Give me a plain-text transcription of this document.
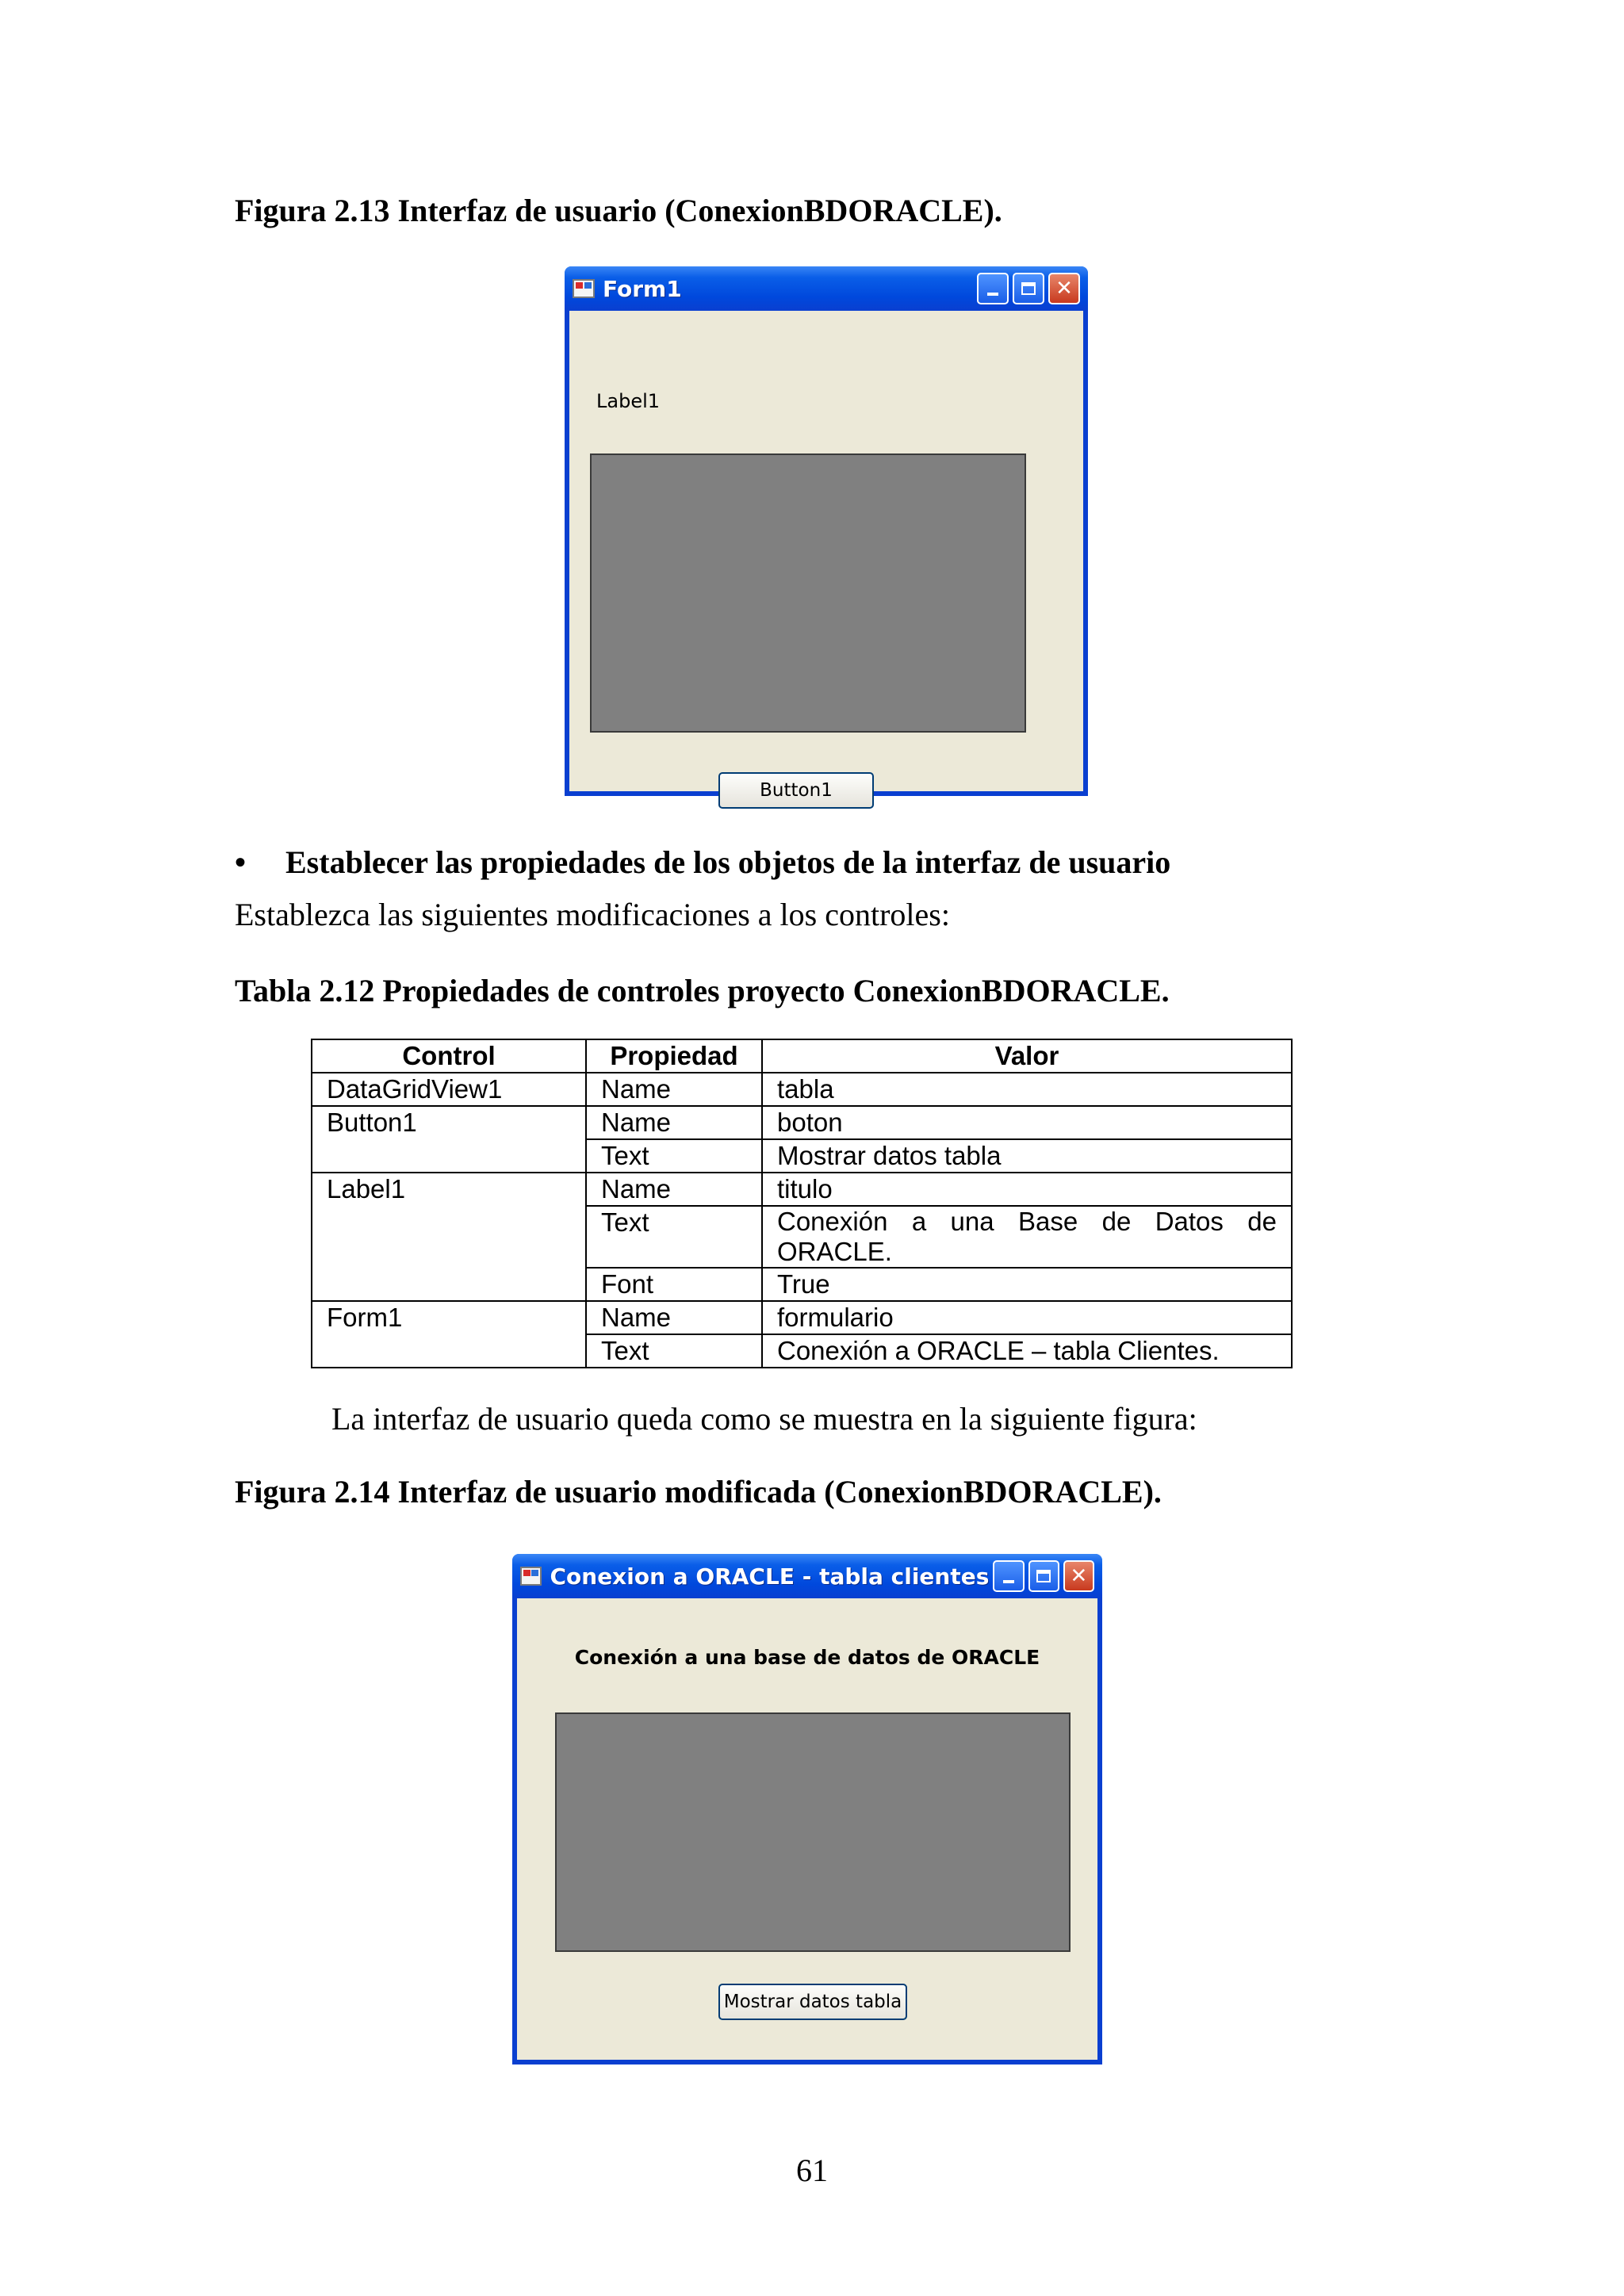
Figura 2.13 Interfaz de usuario (ConexionBDORACLE).
Form1	✕
Label1
Button1
• Establecer las propiedades de los objetos de la interfaz de usuario
Establezca las siguientes modificaciones a los controles:
Tabla 2.12 Propiedades de controles proyecto ConexionBDORACLE.
Control	Propiedad	Valor
DataGridView1	Name	tabla
Button1	Name	boton
	Text	Mostrar datos tabla
Label1	Name	titulo
	Text	Conexión a una Base de Datos de ORACLE.
	Font	True
Form1	Name	formulario
	Text	Conexión a ORACLE – tabla Clientes.
La interfaz de usuario queda como se muestra en la siguiente figura:
Figura 2.14 Interfaz de usuario modificada (ConexionBDORACLE).
Conexion a ORACLE - tabla clientes	✕
Conexión a una base de datos de ORACLE
Mostrar datos tabla
61
